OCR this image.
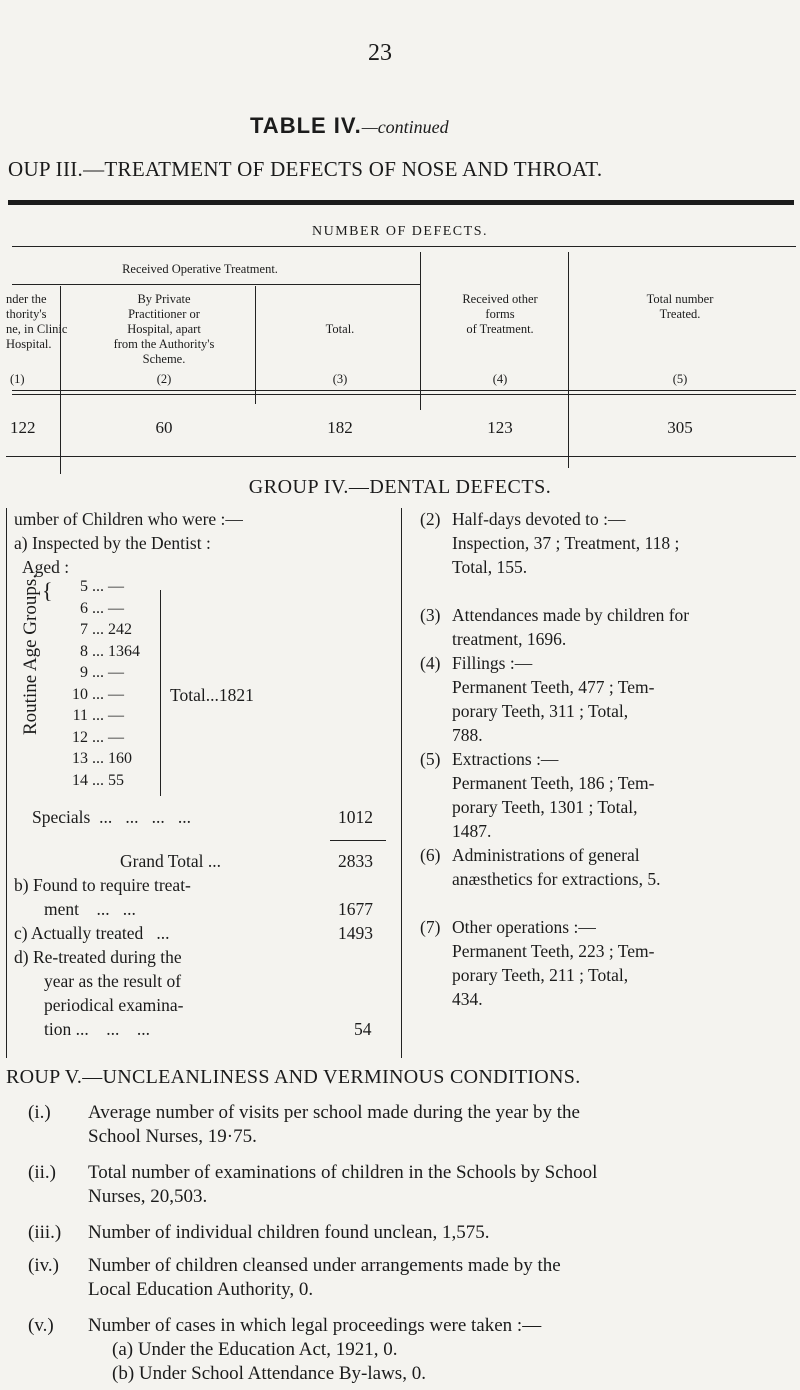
23
TABLE IV.—continued
OUP III.—TREATMENT OF DEFECTS OF NOSE AND THROAT.
NUMBER OF DEFECTS.
Received Operative Treatment.
nder the
thority's
ne, in Clinic
Hospital.
By Private
Practitioner or
Hospital, apart
from the Authority's
Scheme.
Total.
Received other
forms
of Treatment.
Total number
Treated.
(1)	(2)	(3)	(4)	(5)
122	60	182	123	305
GROUP IV.—DENTAL DEFECTS.
umber of Children who were :—
a) Inspected by the Dentist :
Aged :
Routine Age Groups. {	5 ... —
6 ... —
7 ... 242
8 ... 1364
9 ... —
10 ... —
11 ... —
12 ... —
13 ... 160
14 ... 55
Total...1821
Specials  ...   ...   ...   ...	1012
Grand Total ...	2833
b) Found to require treat-
ment    ...   ...	1677
c) Actually treated   ...	1493
d) Re-treated during the
year as the result of
periodical examina-
tion ...    ...    ...	54
(2) Half-days devoted to :—
Inspection, 37 ; Treatment, 118 ;
Total, 155.
(3) Attendances made by children for
treatment, 1696.
(4) Fillings :—
Permanent Teeth, 477 ; Tem-
porary Teeth, 311 ; Total,
788.
(5) Extractions :—
Permanent Teeth, 186 ; Tem-
porary Teeth, 1301 ; Total,
1487.
(6) Administrations of general
anæsthetics for extractions, 5.
(7) Other operations :—
Permanent Teeth, 223 ; Tem-
porary Teeth, 211 ; Total,
434.
ROUP V.—UNCLEANLINESS AND VERMINOUS CONDITIONS.
(i.) Average number of visits per school made during the year by the
School Nurses, 19·75.
(ii.) Total number of examinations of children in the Schools by School
Nurses, 20,503.
(iii.) Number of individual children found unclean, 1,575.
(iv.) Number of children cleansed under arrangements made by the
Local Education Authority, 0.
(v.) Number of cases in which legal proceedings were taken :—
(a) Under the Education Act, 1921, 0.
(b) Under School Attendance By-laws, 0.
